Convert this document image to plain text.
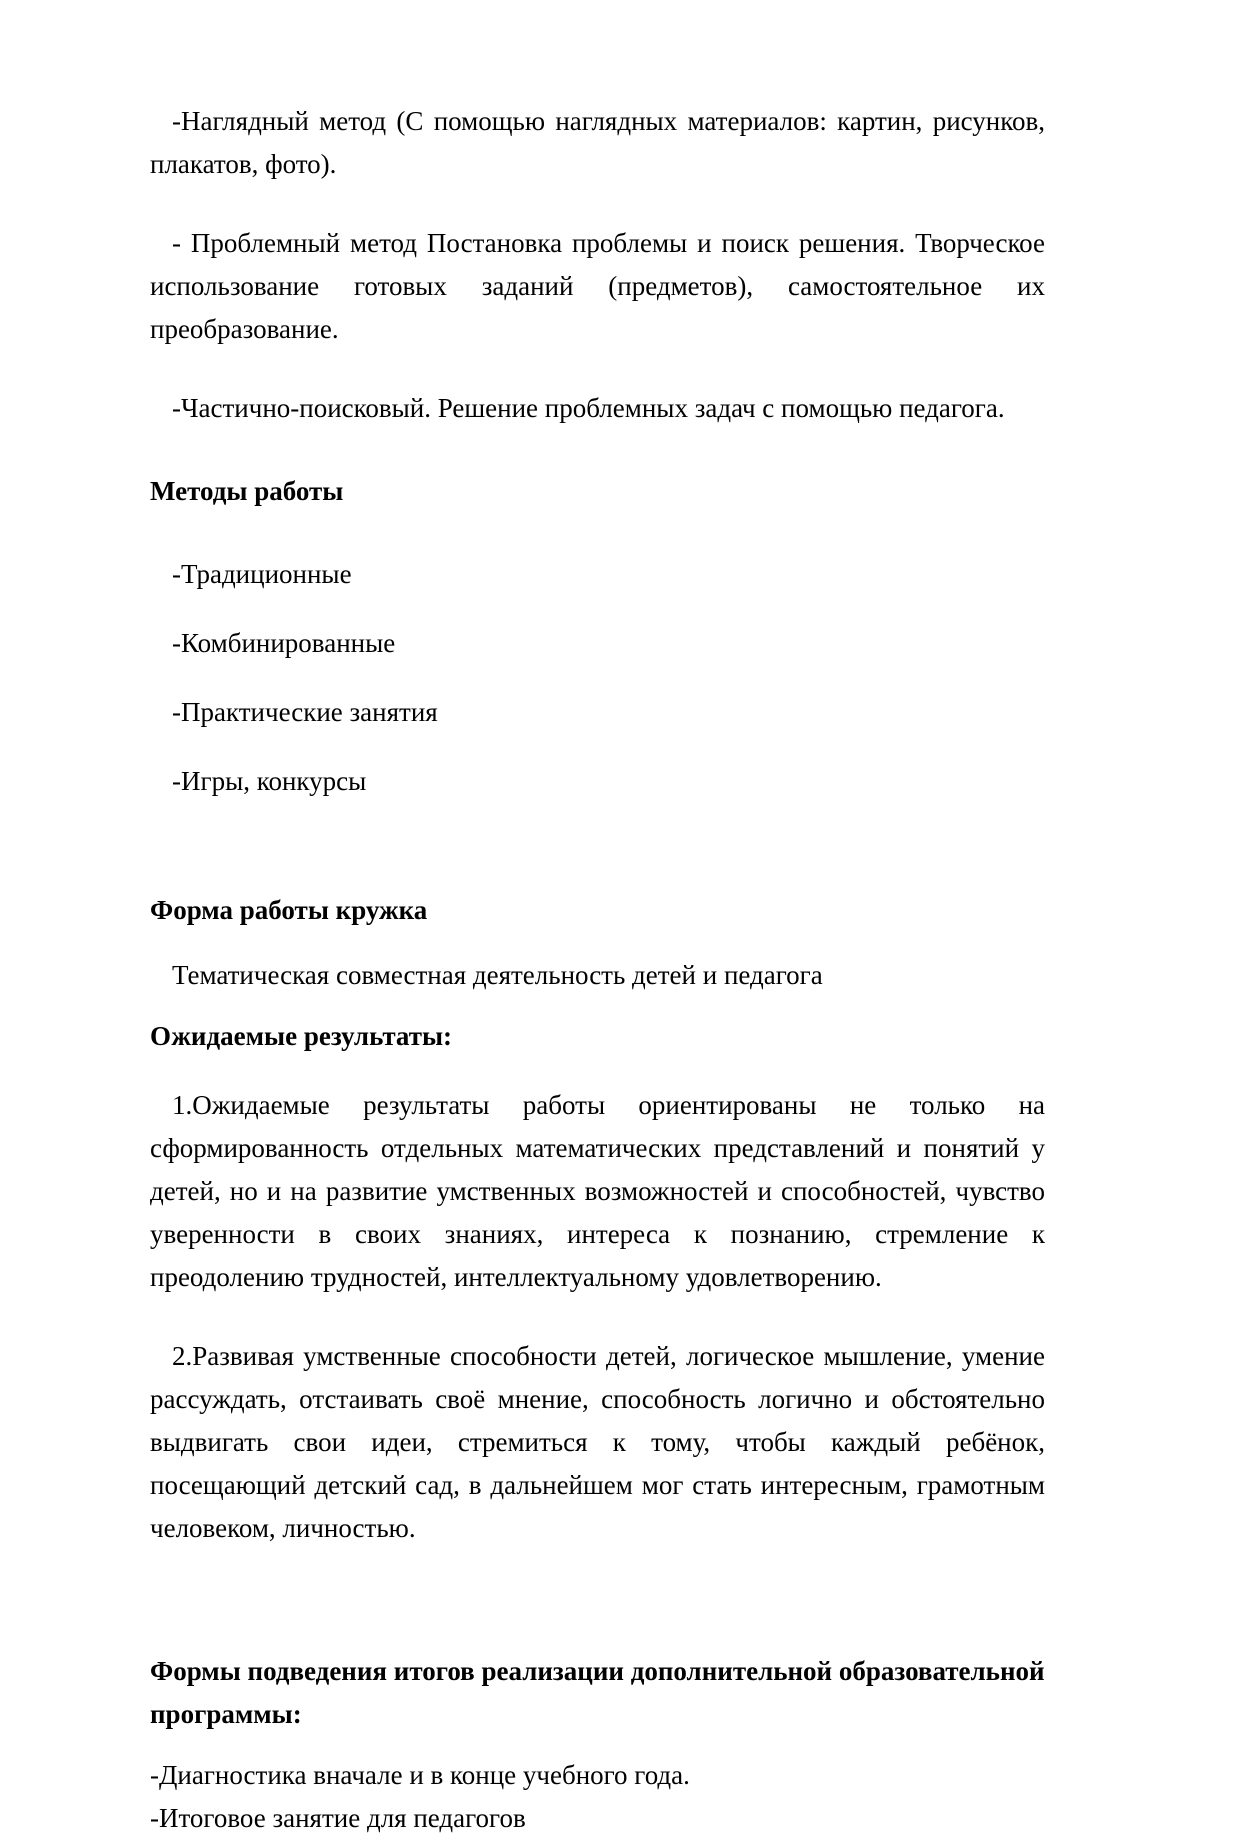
-Наглядный метод (С помощью наглядных материалов: картин, рисунков, плакатов, фото).

- Проблемный метод Постановка проблемы и поиск решения. Творческое использование готовых заданий (предметов), самостоятельное их преобразование.

-Частично-поисковый. Решение проблемных задач с помощью педагога.

Методы работы

-Традиционные

-Комбинированные

-Практические занятия

-Игры, конкурсы

Форма работы кружка

Тематическая совместная деятельность детей и педагога

Ожидаемые результаты:

1.Ожидаемые результаты работы ориентированы не только на сформированность отдельных математических представлений и понятий у детей, но и на развитие умственных возможностей и способностей, чувство уверенности в своих знаниях, интереса к познанию, стремление к преодолению трудностей, интеллектуальному удовлетворению.

2.Развивая умственные способности детей, логическое мышление, умение рассуждать, отстаивать своё мнение, способность логично и обстоятельно выдвигать свои идеи, стремиться к тому, чтобы каждый ребёнок, посещающий детский сад, в дальнейшем мог стать интересным, грамотным человеком, личностью.

Формы подведения итогов реализации дополнительной образовательной
программы:

-Диагностика вначале и в конце учебного года.

-Итоговое занятие для педагогов
